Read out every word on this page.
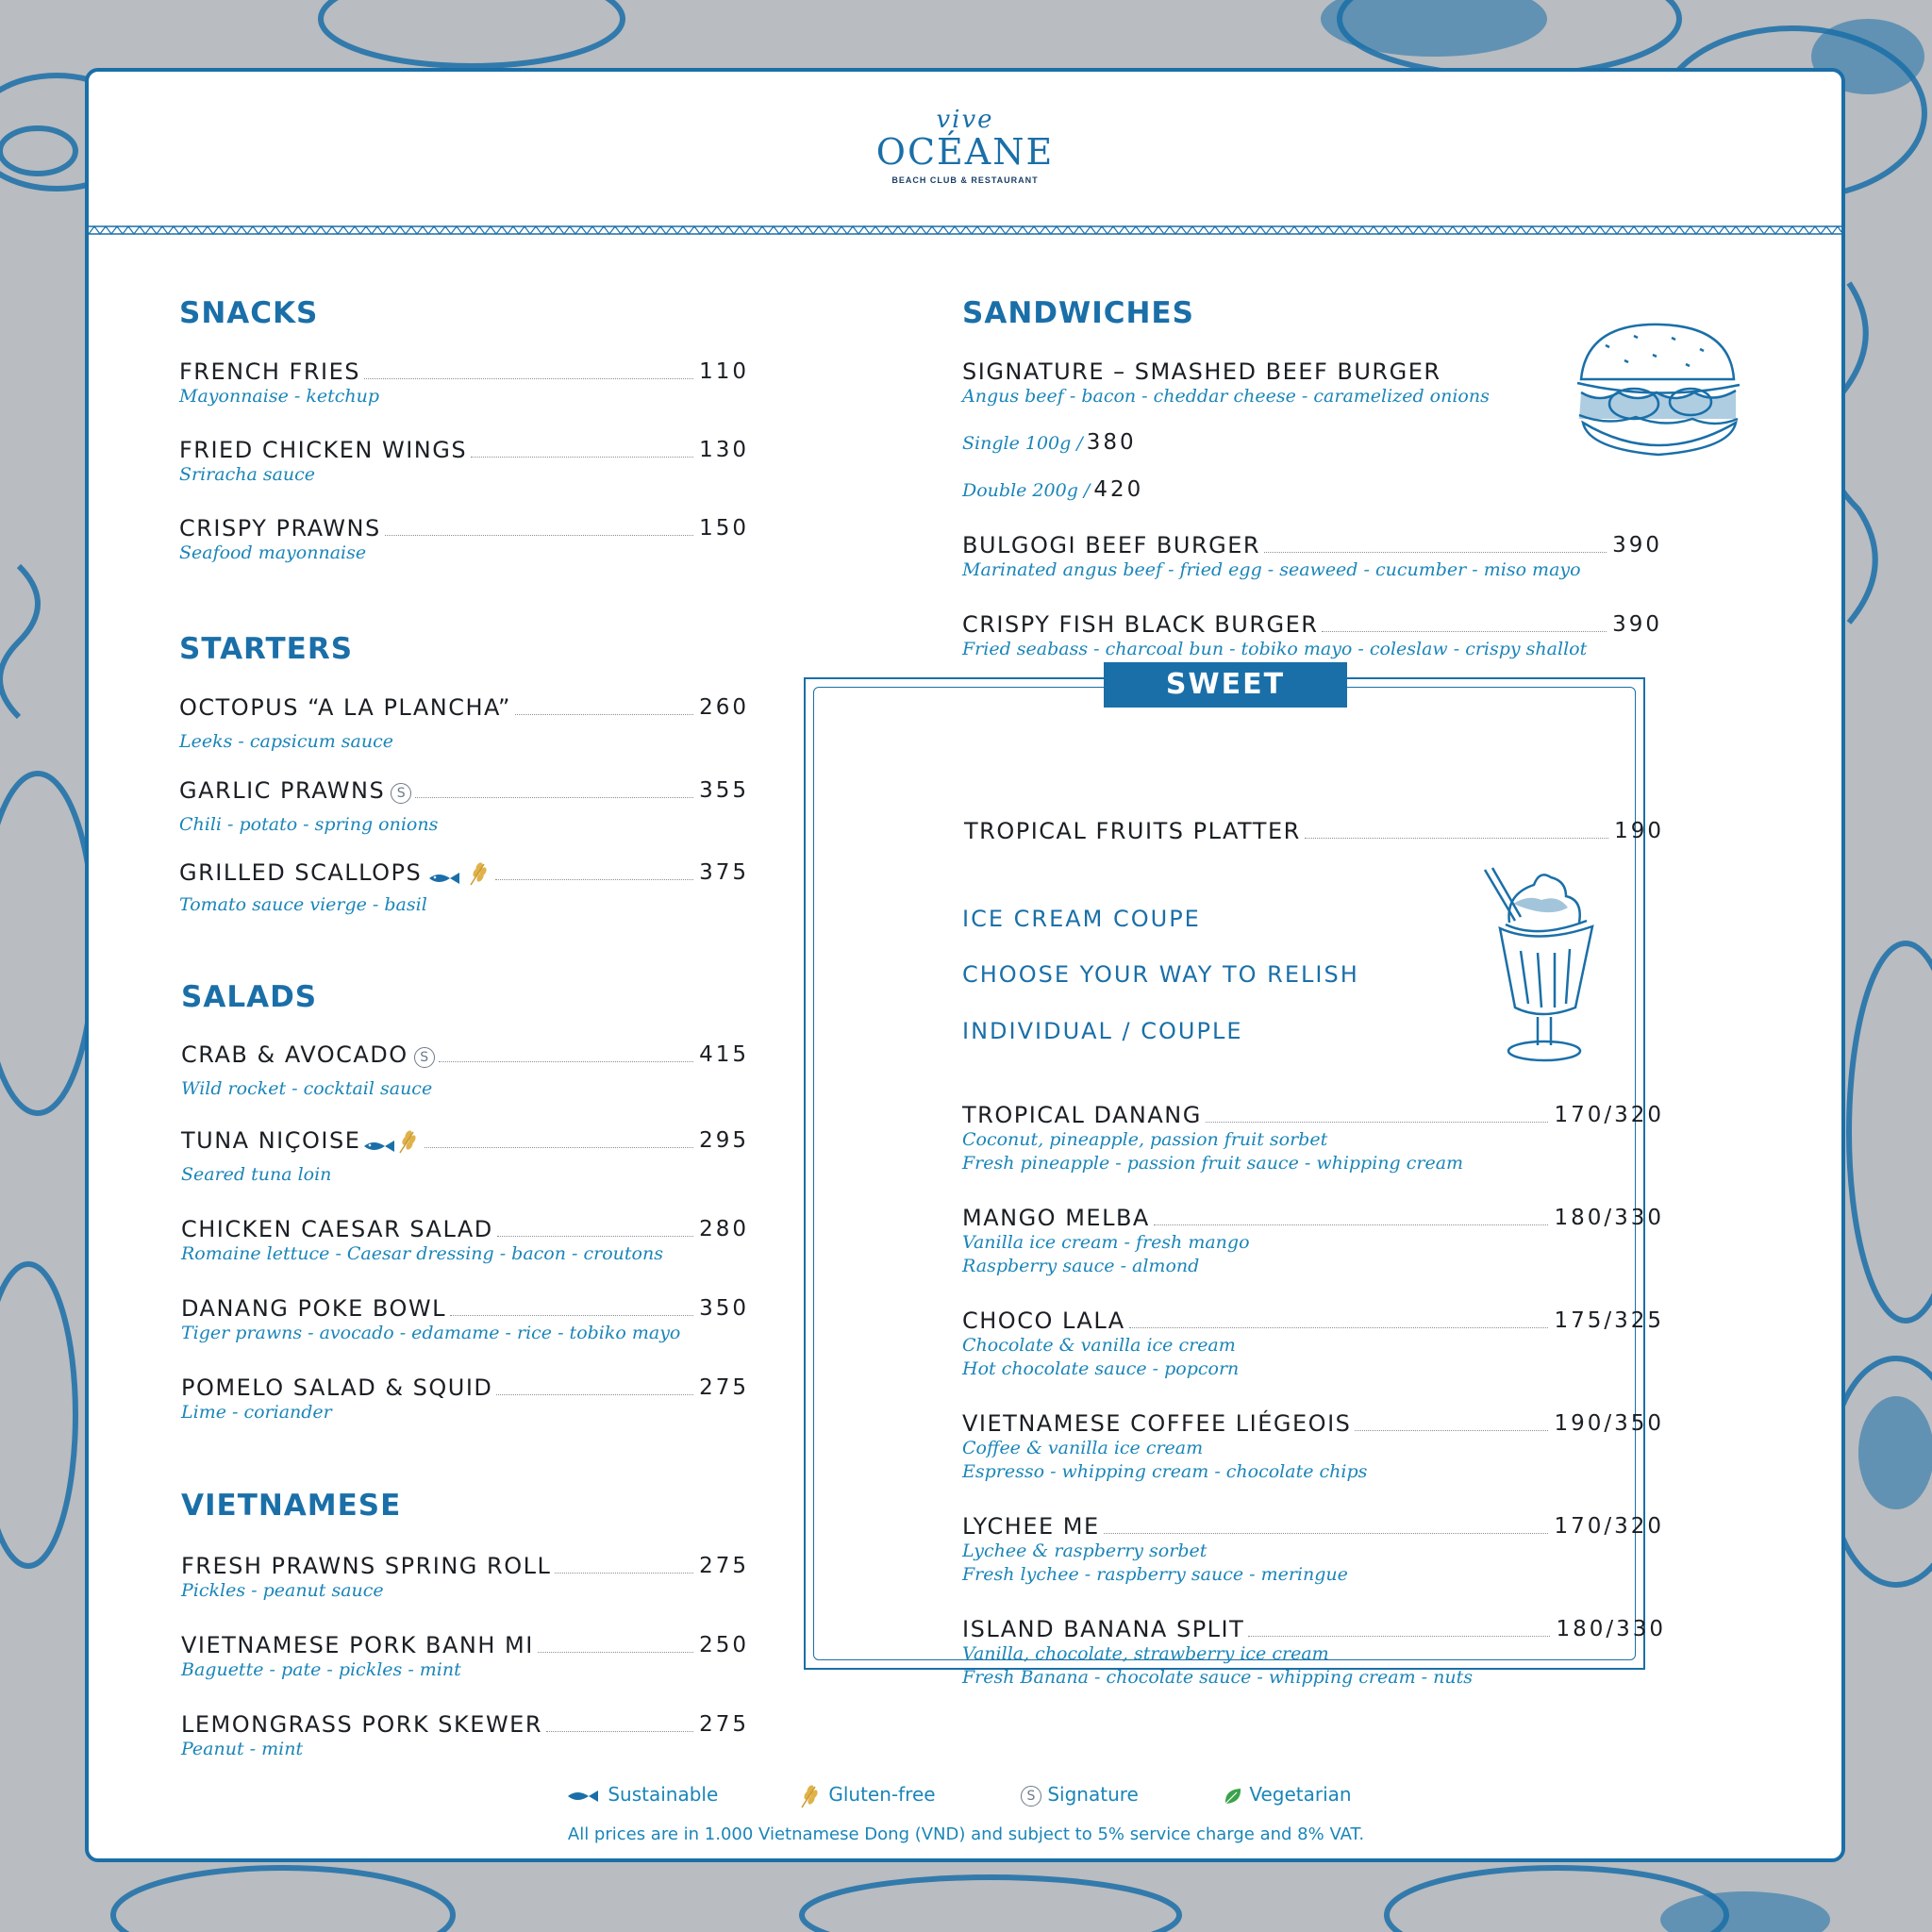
vive
OCÉANE
BEACH CLUB & RESTAURANT
SNACKS
FRENCH FRIES	110
Mayonnaise - ketchup
FRIED CHICKEN WINGS	130
Sriracha sauce
CRISPY PRAWNS	150
Seafood mayonnaise
STARTERS
OCTOPUS “A LA PLANCHA”	260
Leeks - capsicum sauce
GARLIC PRAWNS S	355
Chili - potato - spring onions
GRILLED SCALLOPS	375
Tomato sauce vierge - basil
SALADS
CRAB & AVOCADO S	415
Wild rocket - cocktail sauce
TUNA NIÇOISE	295
Seared tuna loin
CHICKEN CAESAR SALAD	280
Romaine lettuce - Caesar dressing - bacon - croutons
DANANG POKE BOWL	350
Tiger prawns - avocado - edamame - rice - tobiko mayo
POMELO SALAD & SQUID	275
Lime - coriander
VIETNAMESE
FRESH PRAWNS SPRING ROLL	275
Pickles - peanut sauce
VIETNAMESE PORK BANH MI	250
Baguette - pate - pickles - mint
LEMONGRASS PORK SKEWER	275
Peanut - mint
SANDWICHES
SIGNATURE – SMASHED BEEF BURGER
Angus beef - bacon - cheddar cheese - caramelized onions
Single 100g / 380
Double 200g / 420
BULGOGI BEEF BURGER	390
Marinated angus beef - fried egg - seaweed - cucumber - miso mayo
CRISPY FISH BLACK BURGER	390
Fried seabass - charcoal bun - tobiko mayo - coleslaw - crispy shallot
SWEET
TROPICAL FRUITS PLATTER	190
ICE CREAM COUPE
CHOOSE YOUR WAY TO RELISH
INDIVIDUAL / COUPLE
TROPICAL DANANG	170/320
Coconut, pineapple, passion fruit sorbet
Fresh pineapple - passion fruit sauce - whipping cream
MANGO MELBA	180/330
Vanilla ice cream - fresh mango
Raspberry sauce - almond
CHOCO LALA	175/325
Chocolate & vanilla ice cream
Hot chocolate sauce - popcorn
VIETNAMESE COFFEE LIÉGEOIS	190/350
Coffee & vanilla ice cream
Espresso - whipping cream - chocolate chips
LYCHEE ME	170/320
Lychee & raspberry sorbet
Fresh lychee - raspberry sauce - meringue
ISLAND BANANA SPLIT	180/330
Vanilla, chocolate, strawberry ice cream
Fresh Banana - chocolate sauce - whipping cream - nuts
Sustainable	Gluten-free	S Signature	Vegetarian
All prices are in 1.000 Vietnamese Dong (VND) and subject to 5% service charge and 8% VAT.
